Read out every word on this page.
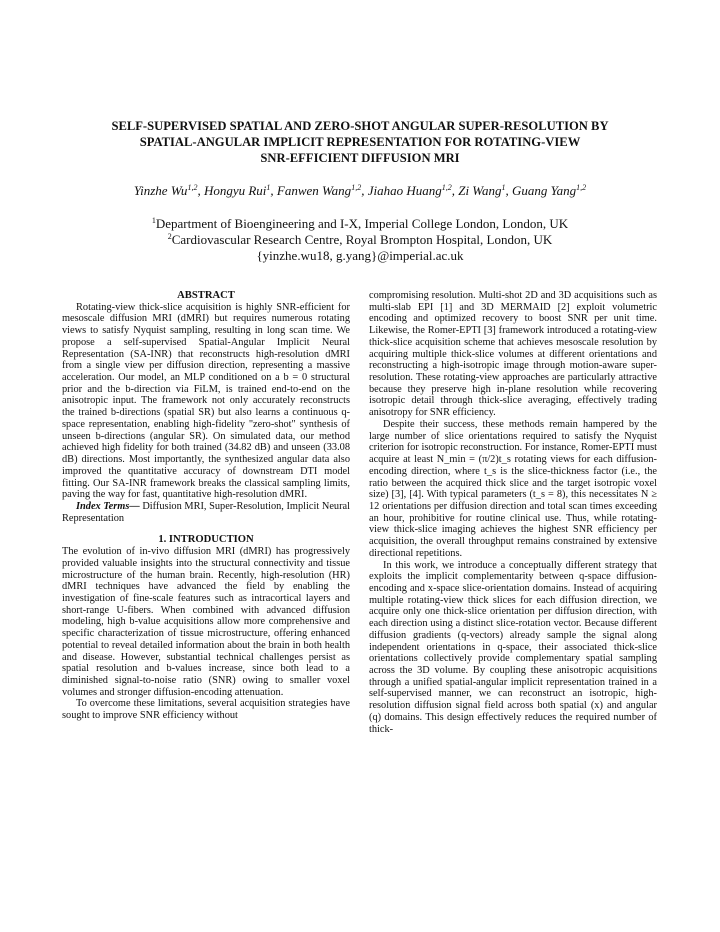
SELF-SUPERVISED SPATIAL AND ZERO-SHOT ANGULAR SUPER-RESOLUTION BY
SPATIAL-ANGULAR IMPLICIT REPRESENTATION FOR ROTATING-VIEW
SNR-EFFICIENT DIFFUSION MRI
Yinzhe Wu$^{1,2}$, Hongyu Rui$^1$, Fanwen Wang$^{1,2}$, Jiahao Huang$^{1,2}$, Zi Wang$^1$, Guang Yang$^{1,2}$
$^1$Department of Bioengineering and I-X, Imperial College London, London, UK
$^2$Cardiovascular Research Centre, Royal Brompton Hospital, London, UK
{yinzhe.wu18, g.yang}@imperial.ac.uk
ABSTRACT

Rotating-view thick-slice acquisition is highly SNR-efficient for mesoscale diffusion MRI (dMRI) but requires numerous rotating views to satisfy Nyquist sampling, resulting in long scan time. We propose a self-supervised Spatial-Angular Implicit Neural Representation (SA-INR) that reconstructs high-resolution dMRI from a single view per diffusion direction, representing a massive acceleration. Our model, an MLP conditioned on a b = 0 structural prior and the b-direction via FiLM, is trained end-to-end on the anisotropic input. The framework not only accurately reconstructs the trained b-directions (spatial SR) but also learns a continuous q-space representation, enabling high-fidelity "zero-shot" synthesis of unseen b-directions (angular SR). On simulated data, our method achieved high fidelity for both trained (34.82 dB) and unseen (33.08 dB) directions. Most importantly, the synthesized angular data also improved the quantitative accuracy of downstream DTI model fitting. Our SA-INR framework breaks the classical sampling limits, paving the way for fast, quantitative high-resolution dMRI.

Index Terms— Diffusion MRI, Super-Resolution, Implicit Neural Representation

1. INTRODUCTION

The evolution of in-vivo diffusion MRI (dMRI) has progressively provided valuable insights into the structural connectivity and tissue microstructure of the human brain. Recently, high-resolution (HR) dMRI techniques have advanced the field by enabling the investigation of fine-scale features such as intracortical layers and short-range U-fibers. When combined with advanced diffusion modeling, high b-value acquisitions allow more comprehensive and specific characterization of tissue microstructure, offering enhanced potential to reveal detailed information about the brain in both health and disease. However, substantial technical challenges persist as spatial resolution and b-values increase, since both lead to a diminished signal-to-noise ratio (SNR) owing to smaller voxel volumes and stronger diffusion-encoding attenuation.

To overcome these limitations, several acquisition strategies have sought to improve SNR efficiency without

compromising resolution. Multi-shot 2D and 3D acquisitions such as multi-slab EPI [1] and 3D MERMAID [2] exploit volumetric encoding and optimized recovery to boost SNR per unit time. Likewise, the Romer-EPTI [3] framework introduced a rotating-view thick-slice acquisition scheme that achieves mesoscale resolution by acquiring multiple thick-slice volumes at different orientations and reconstructing a high-isotropic image through motion-aware super-resolution. These rotating-view approaches are particularly attractive because they preserve high in-plane resolution while recovering isotropic detail through thick-slice averaging, effectively trading anisotropy for SNR efficiency.

Despite their success, these methods remain hampered by the large number of slice orientations required to satisfy the Nyquist criterion for isotropic reconstruction. For instance, Romer-EPTI must acquire at least N_min = (π/2)t_s rotating views for each diffusion-encoding direction, where t_s is the slice-thickness factor (i.e., the ratio between the acquired thick slice and the target isotropic voxel size) [3], [4]. With typical parameters (t_s = 8), this necessitates N ≥ 12 orientations per diffusion direction and total scan times exceeding an hour, prohibitive for routine clinical use. Thus, while rotating-view thick-slice imaging achieves the highest SNR efficiency per acquisition, the overall throughput remains constrained by extensive directional repetitions.

In this work, we introduce a conceptually different strategy that exploits the implicit complementarity between q-space diffusion-encoding and x-space slice-orientation domains. Instead of acquiring multiple rotating-view thick slices for each diffusion direction, we acquire only one thick-slice orientation per diffusion direction, with each direction using a distinct slice-rotation vector. Because different diffusion gradients (q-vectors) already sample the signal along independent orientations in q-space, their associated thick-slice orientations collectively provide complementary spatial sampling across the 3D volume. By coupling these anisotropic acquisitions through a unified spatial-angular implicit representation trained in a self-supervised manner, we can reconstruct an isotropic, high-resolution diffusion signal field across both spatial (x) and angular (q) domains. This design effectively reduces the required number of thick-
